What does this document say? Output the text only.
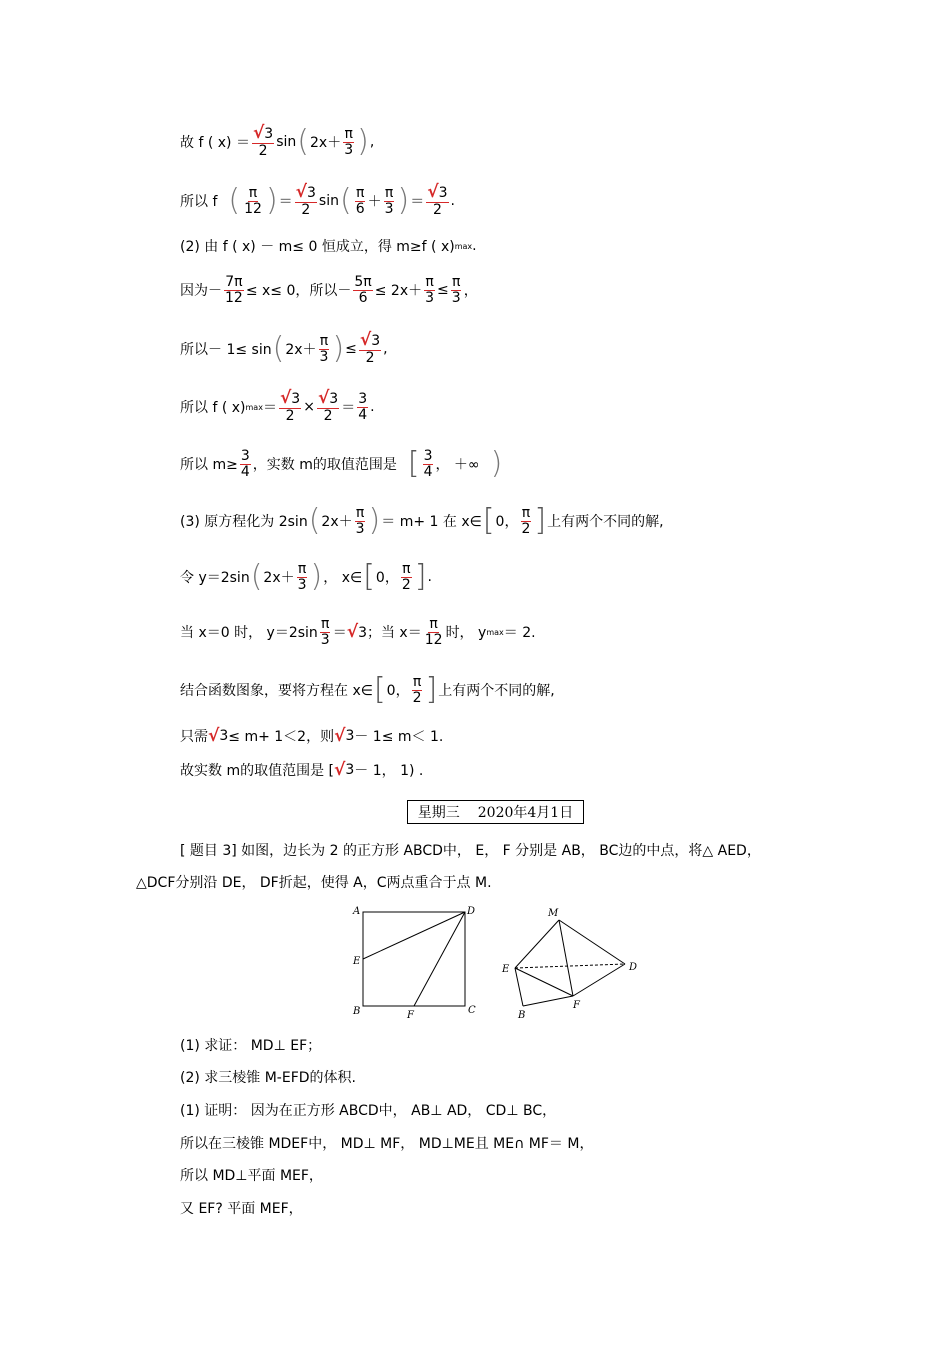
故 f ( $x) = \frac{√3}{2}$ sin ( $2x+ \frac{\pi}{3}$ ) ,
所以 f ( $\frac{\pi}{12}$ ) ＝ $\frac{√3}{2}$ sin ( $\frac{\pi}{6} + \frac{\pi}{3}$ ) ＝ $\frac{√3}{2}$ .
(2) 由 f ( x) － m≤ 0 恒成立，得 m≥f ( x) max .
因为－ $\frac{7\pi}{12} \le x\le 0$，所以－ $\frac{5\pi}{6} \le 2x+ \frac{\pi}{3} \le \frac{\pi}{3}$ ，
所以－ 1≤ sin ( $2x+ \frac{\pi}{3}$ ) ≤ $\frac{√3}{2}$ ,
所以 f ( x) $\max = \frac{√3}{2} \times \frac{√3}{2} = \frac{3}{4}$ .
所以 $m\ge \frac{3}{4}$ ，实数 m的取值范围是 [ $\frac{3}{4}$ ， ＋∞ )
(3) 原方程化为 2sin ( $2x+ \frac{\pi}{3}$ ) ＝ m+ 1 在 x∈ [ 0， $\frac{\pi}{2}$ ] 上有两个不同的解,
令 y＝2sin ( $2x+ \frac{\pi}{3}$ ) ， x∈ [ 0， $\frac{\pi}{2}$ ] .
当 x＝0 时， $y=2\sin \frac{\pi}{3} = √3$ ；当 $x= \frac{\pi}{12}$ 时， y max ＝ 2.
结合函数图象，要将方程在 x∈ [ 0， $\frac{\pi}{2}$ ] 上有两个不同的解,
只需 √ 3 ≤ m+ 1＜2，则 √ 3 － 1≤ m＜ 1.
故实数 m的取值范围是 [ √ 3 － 1， 1) .
星期三 2020年4月1日
[ 题目 3] 如图，边长为 2 的正方形 ABCD中， E， F 分别是 AB， BC边的中点，将△ AED，
△DCF分别沿 DE， DF折起，使得 A，C两点重合于点 M.
A	D
E
B	F	C
M
E	D
B
F
(1) 求证： MD⊥ EF；
(2) 求三棱锥 M-EFD的体积.
(1) 证明： 因为在正方形 ABCD中， AB⊥ AD， CD⊥ BC，
所以在三棱锥 MDEF中， MD⊥ MF， MD⊥ME且 ME∩ MF＝ M，
所以 MD⊥平面 MEF，
又 EF? 平面 MEF，
